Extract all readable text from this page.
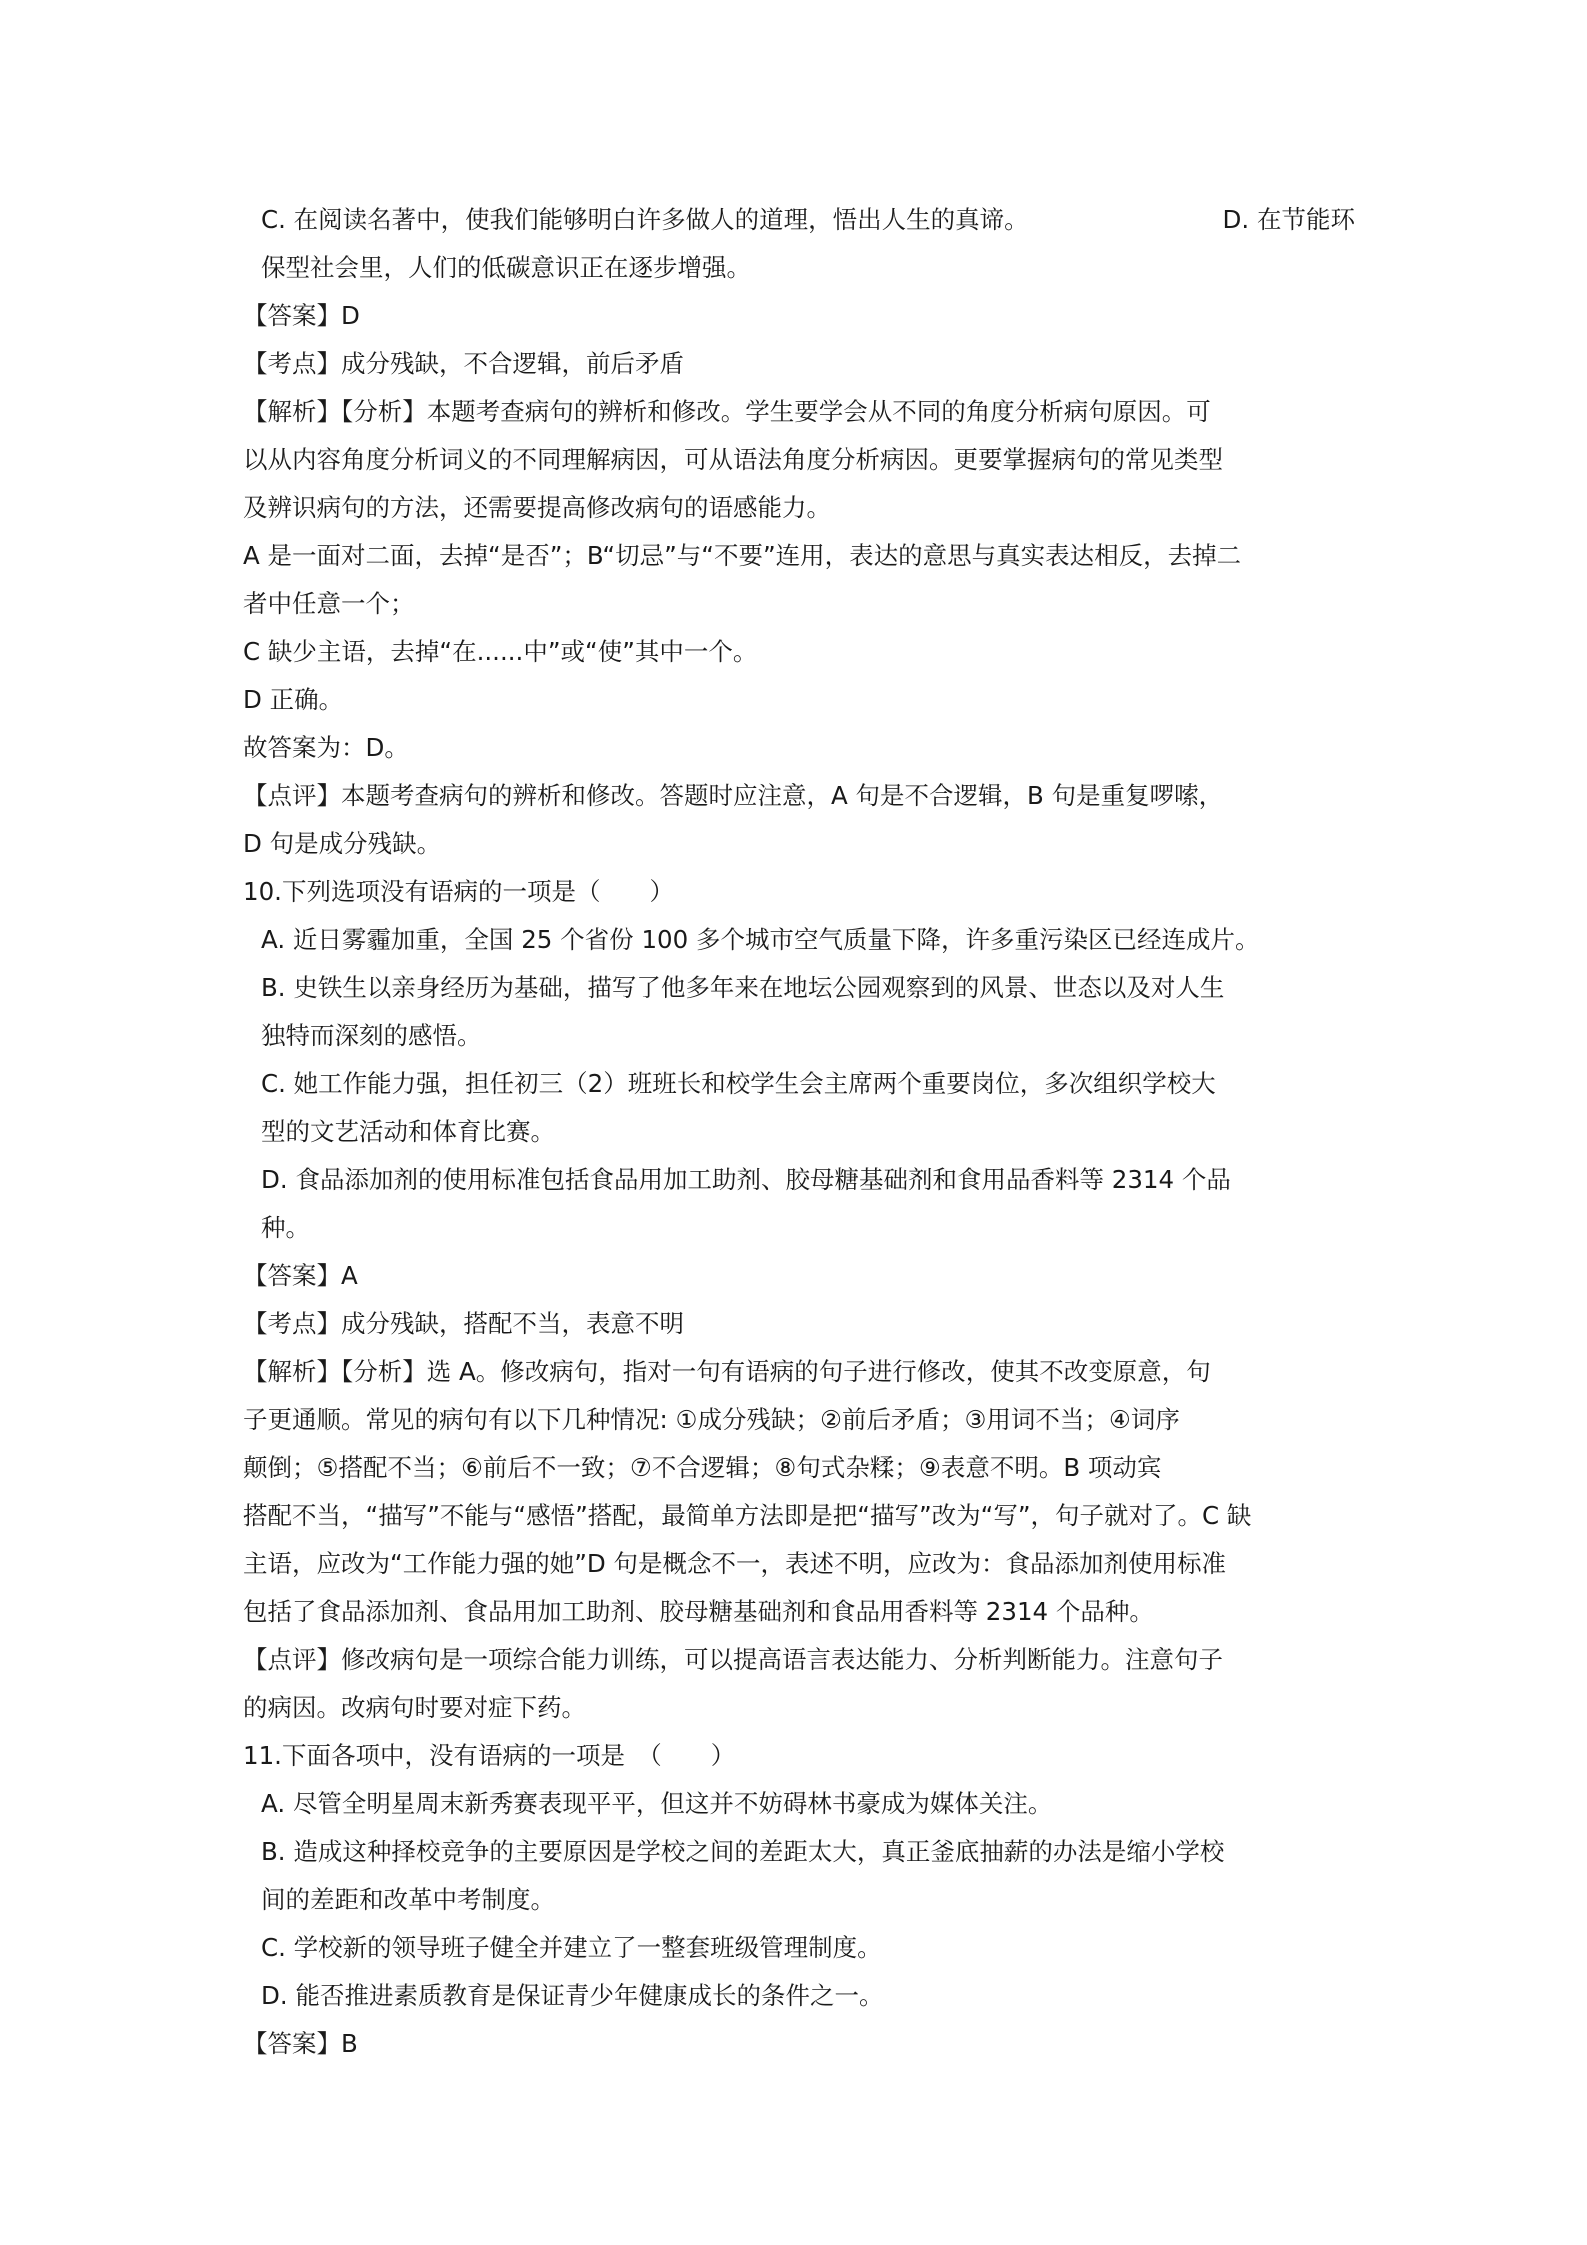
C. 在阅读名著中，使我们能够明白许多做人的道理，悟出人生的真谛。	D. 在节能环

保型社会里，人们的低碳意识正在逐步增强。

【答案】D

【考点】成分残缺，不合逻辑，前后矛盾

【解析】【分析】本题考查病句的辨析和修改。学生要学会从不同的角度分析病句原因。可

以从内容角度分析词义的不同理解病因，可从语法角度分析病因。更要掌握病句的常见类型

及辨识病句的方法，还需要提高修改病句的语感能力。

A 是一面对二面，去掉“是否”；B“切忌”与“不要”连用，表达的意思与真实表达相反，去掉二

者中任意一个；

C 缺少主语，去掉“在......中”或“使”其中一个。

D 正确。

故答案为：D。

【点评】本题考查病句的辨析和修改。答题时应注意，A 句是不合逻辑，B 句是重复啰嗦，

D 句是成分残缺。

10.下列选项没有语病的一项是（　　）

A. 近日雾霾加重，全国 25 个省份 100 多个城市空气质量下降，许多重污染区已经连成片。

B. 史铁生以亲身经历为基础，描写了他多年来在地坛公园观察到的风景、世态以及对人生

独特而深刻的感悟。

C. 她工作能力强，担任初三（2）班班长和校学生会主席两个重要岗位，多次组织学校大

型的文艺活动和体育比赛。

D. 食品添加剂的使用标准包括食品用加工助剂、胶母糖基础剂和食用品香料等 2314 个品

种。

【答案】A

【考点】成分残缺，搭配不当，表意不明

【解析】【分析】选 A。修改病句，指对一句有语病的句子进行修改，使其不改变原意，句

子更通顺。常见的病句有以下几种情况: ①成分残缺；②前后矛盾；③用词不当；④词序

颠倒；⑤搭配不当；⑥前后不一致；⑦不合逻辑；⑧句式杂糅；⑨表意不明。B 项动宾

搭配不当，“描写”不能与“感悟”搭配，最简单方法即是把“描写”改为“写”，句子就对了。C 缺

主语，应改为“工作能力强的她”D 句是概念不一，表述不明，应改为：食品添加剂使用标准

包括了食品添加剂、食品用加工助剂、胶母糖基础剂和食品用香料等 2314 个品种。

【点评】修改病句是一项综合能力训练，可以提高语言表达能力、分析判断能力。注意句子

的病因。改病句时要对症下药。

11.下面各项中，没有语病的一项是　（　　）

A. 尽管全明星周末新秀赛表现平平，但这并不妨碍林书豪成为媒体关注。

B. 造成这种择校竞争的主要原因是学校之间的差距太大，真正釜底抽薪的办法是缩小学校

间的差距和改革中考制度。

C. 学校新的领导班子健全并建立了一整套班级管理制度。

D. 能否推进素质教育是保证青少年健康成长的条件之一。

【答案】B
